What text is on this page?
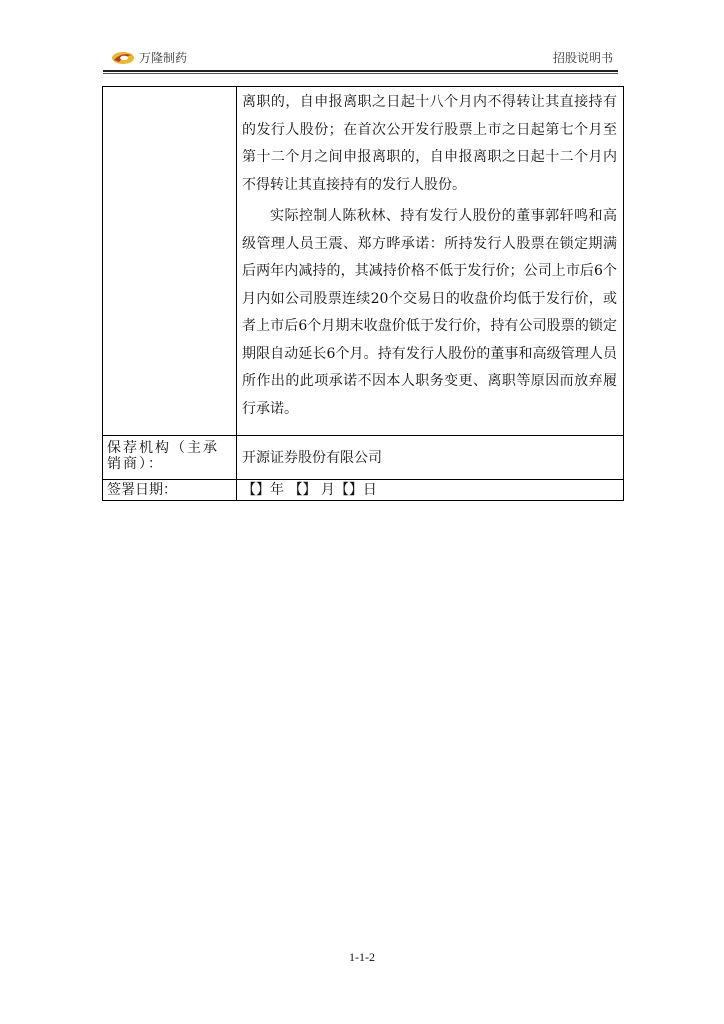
万隆制药	招股说明书

	离职的，自申报离职之日起十八个月内不得转让其直接持有的发行人股份；在首次公开发行股票上市之日起第七个月至第十二个月之间申报离职的，自申报离职之日起十二个月内不得转让其直接持有的发行人股份。
实际控制人陈秋林、持有发行人股份的董事郭轩鸣和高级管理人员王震、郑方晔承诺：所持发行人股票在锁定期满后两年内减持的，其减持价格不低于发行价；公司上市后6个月内如公司股票连续20个交易日的收盘价均低于发行价，或者上市后6个月期末收盘价低于发行价，持有公司股票的锁定期限自动延长6个月。持有发行人股份的董事和高级管理人员所作出的此项承诺不因本人职务变更、离职等原因而放弃履行承诺。

保荐机构（主承销商）：	开源证券股份有限公司

签署日期：	【】年 【】 月【】日
1-1-2
